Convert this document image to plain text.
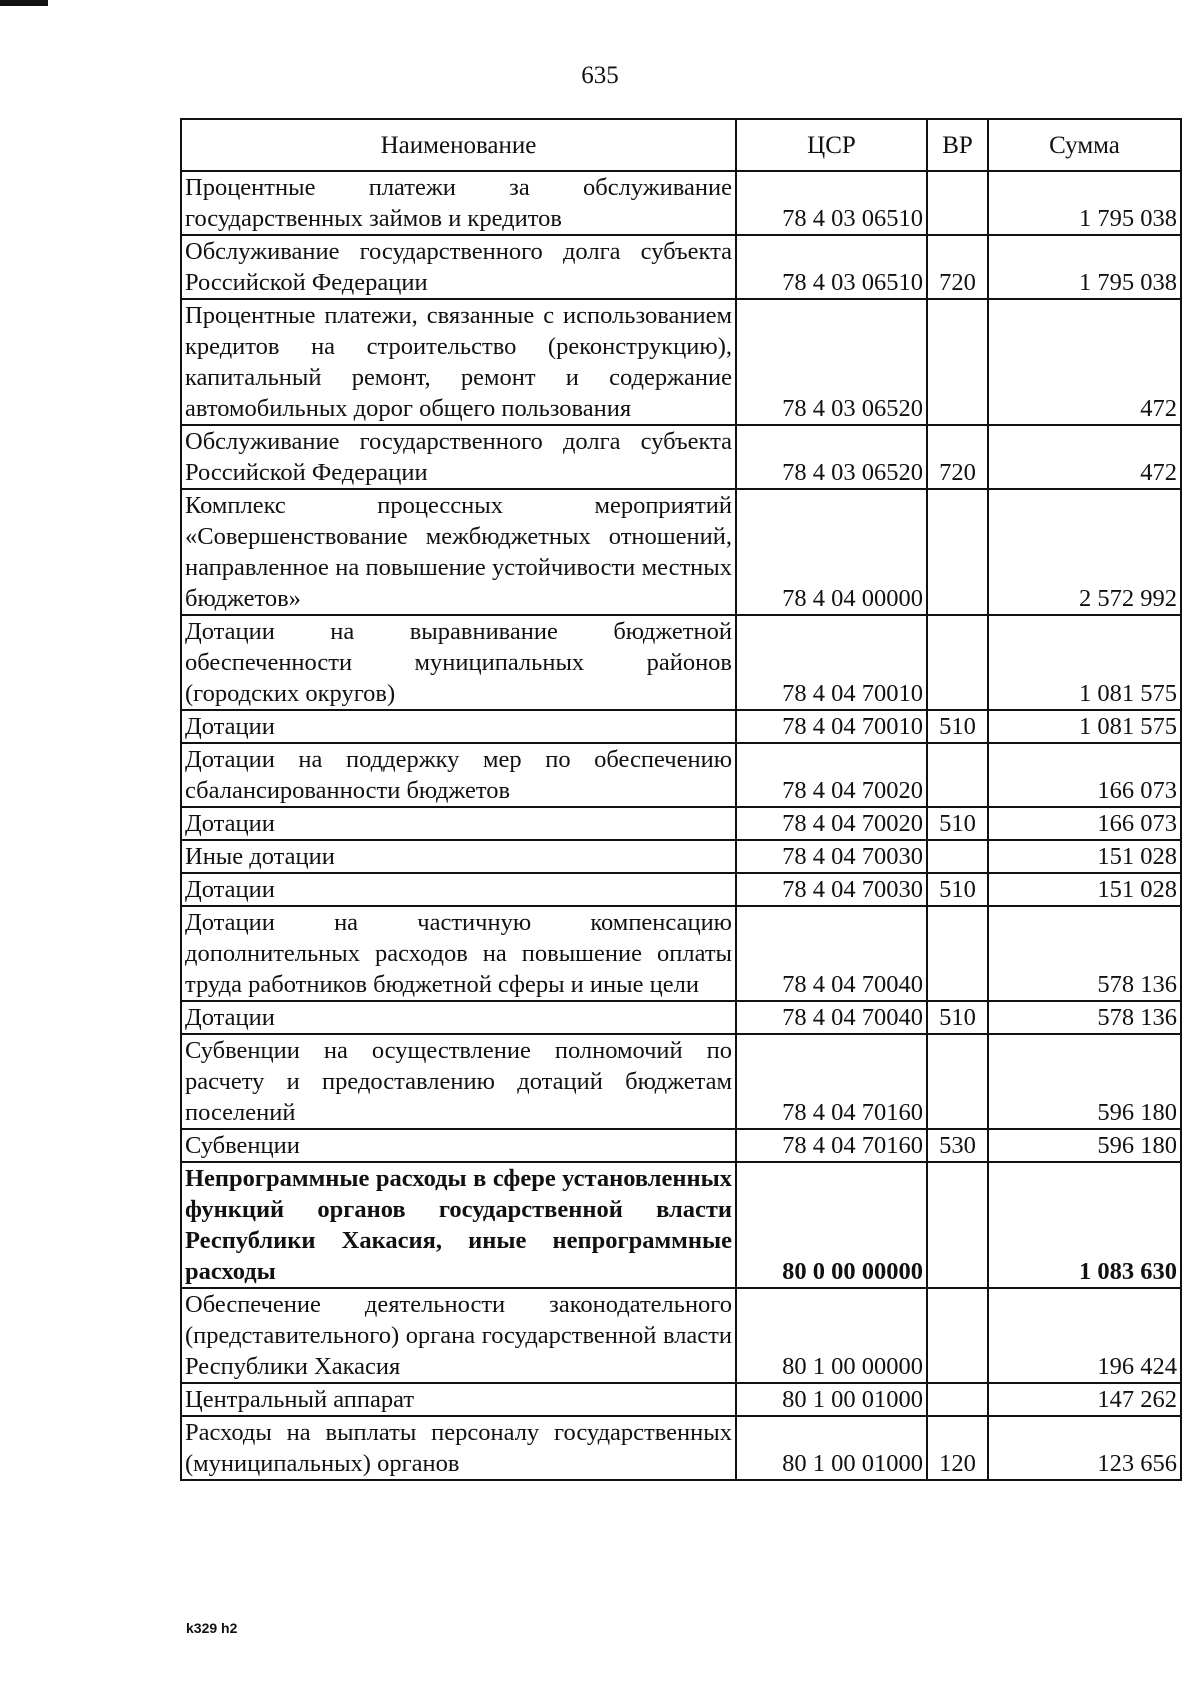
635
Наименование	ЦСР	ВР	Сумма
Процентные платежи за обслуживание государственных займов и кредитов	78 4 03 06510		1 795 038
Обслуживание государственного долга субъекта Российской Федерации	78 4 03 06510	720	1 795 038
Процентные платежи, связанные с использованием кредитов на строительство (реконструкцию), капитальный ремонт, ремонт и содержание автомобильных дорог общего пользования	78 4 03 06520		472
Обслуживание государственного долга субъекта Российской Федерации	78 4 03 06520	720	472
Комплекс процессных мероприятий «Совершенствование межбюджетных отношений, направленное на повышение устойчивости местных бюджетов»	78 4 04 00000		2 572 992
Дотации на выравнивание бюджетной обеспеченности муниципальных районов (городских округов)	78 4 04 70010		1 081 575
Дотации	78 4 04 70010	510	1 081 575
Дотации на поддержку мер по обеспечению сбалансированности бюджетов	78 4 04 70020		166 073
Дотации	78 4 04 70020	510	166 073
Иные дотации	78 4 04 70030		151 028
Дотации	78 4 04 70030	510	151 028
Дотации на частичную компенсацию дополнительных расходов на повышение оплаты труда работников бюджетной сферы и иные цели	78 4 04 70040		578 136
Дотации	78 4 04 70040	510	578 136
Субвенции на осуществление полномочий по расчету и предоставлению дотаций бюджетам поселений	78 4 04 70160		596 180
Субвенции	78 4 04 70160	530	596 180
Непрограммные расходы в сфере установленных функций органов государственной власти Республики Хакасия, иные непрограммные расходы	80 0 00 00000		1 083 630
Обеспечение деятельности законодательного (представительного) органа государственной власти Республики Хакасия	80 1 00 00000		196 424
Центральный аппарат	80 1 00 01000		147 262
Расходы на выплаты персоналу государственных (муниципальных) органов	80 1 00 01000	120	123 656
k329 h2
